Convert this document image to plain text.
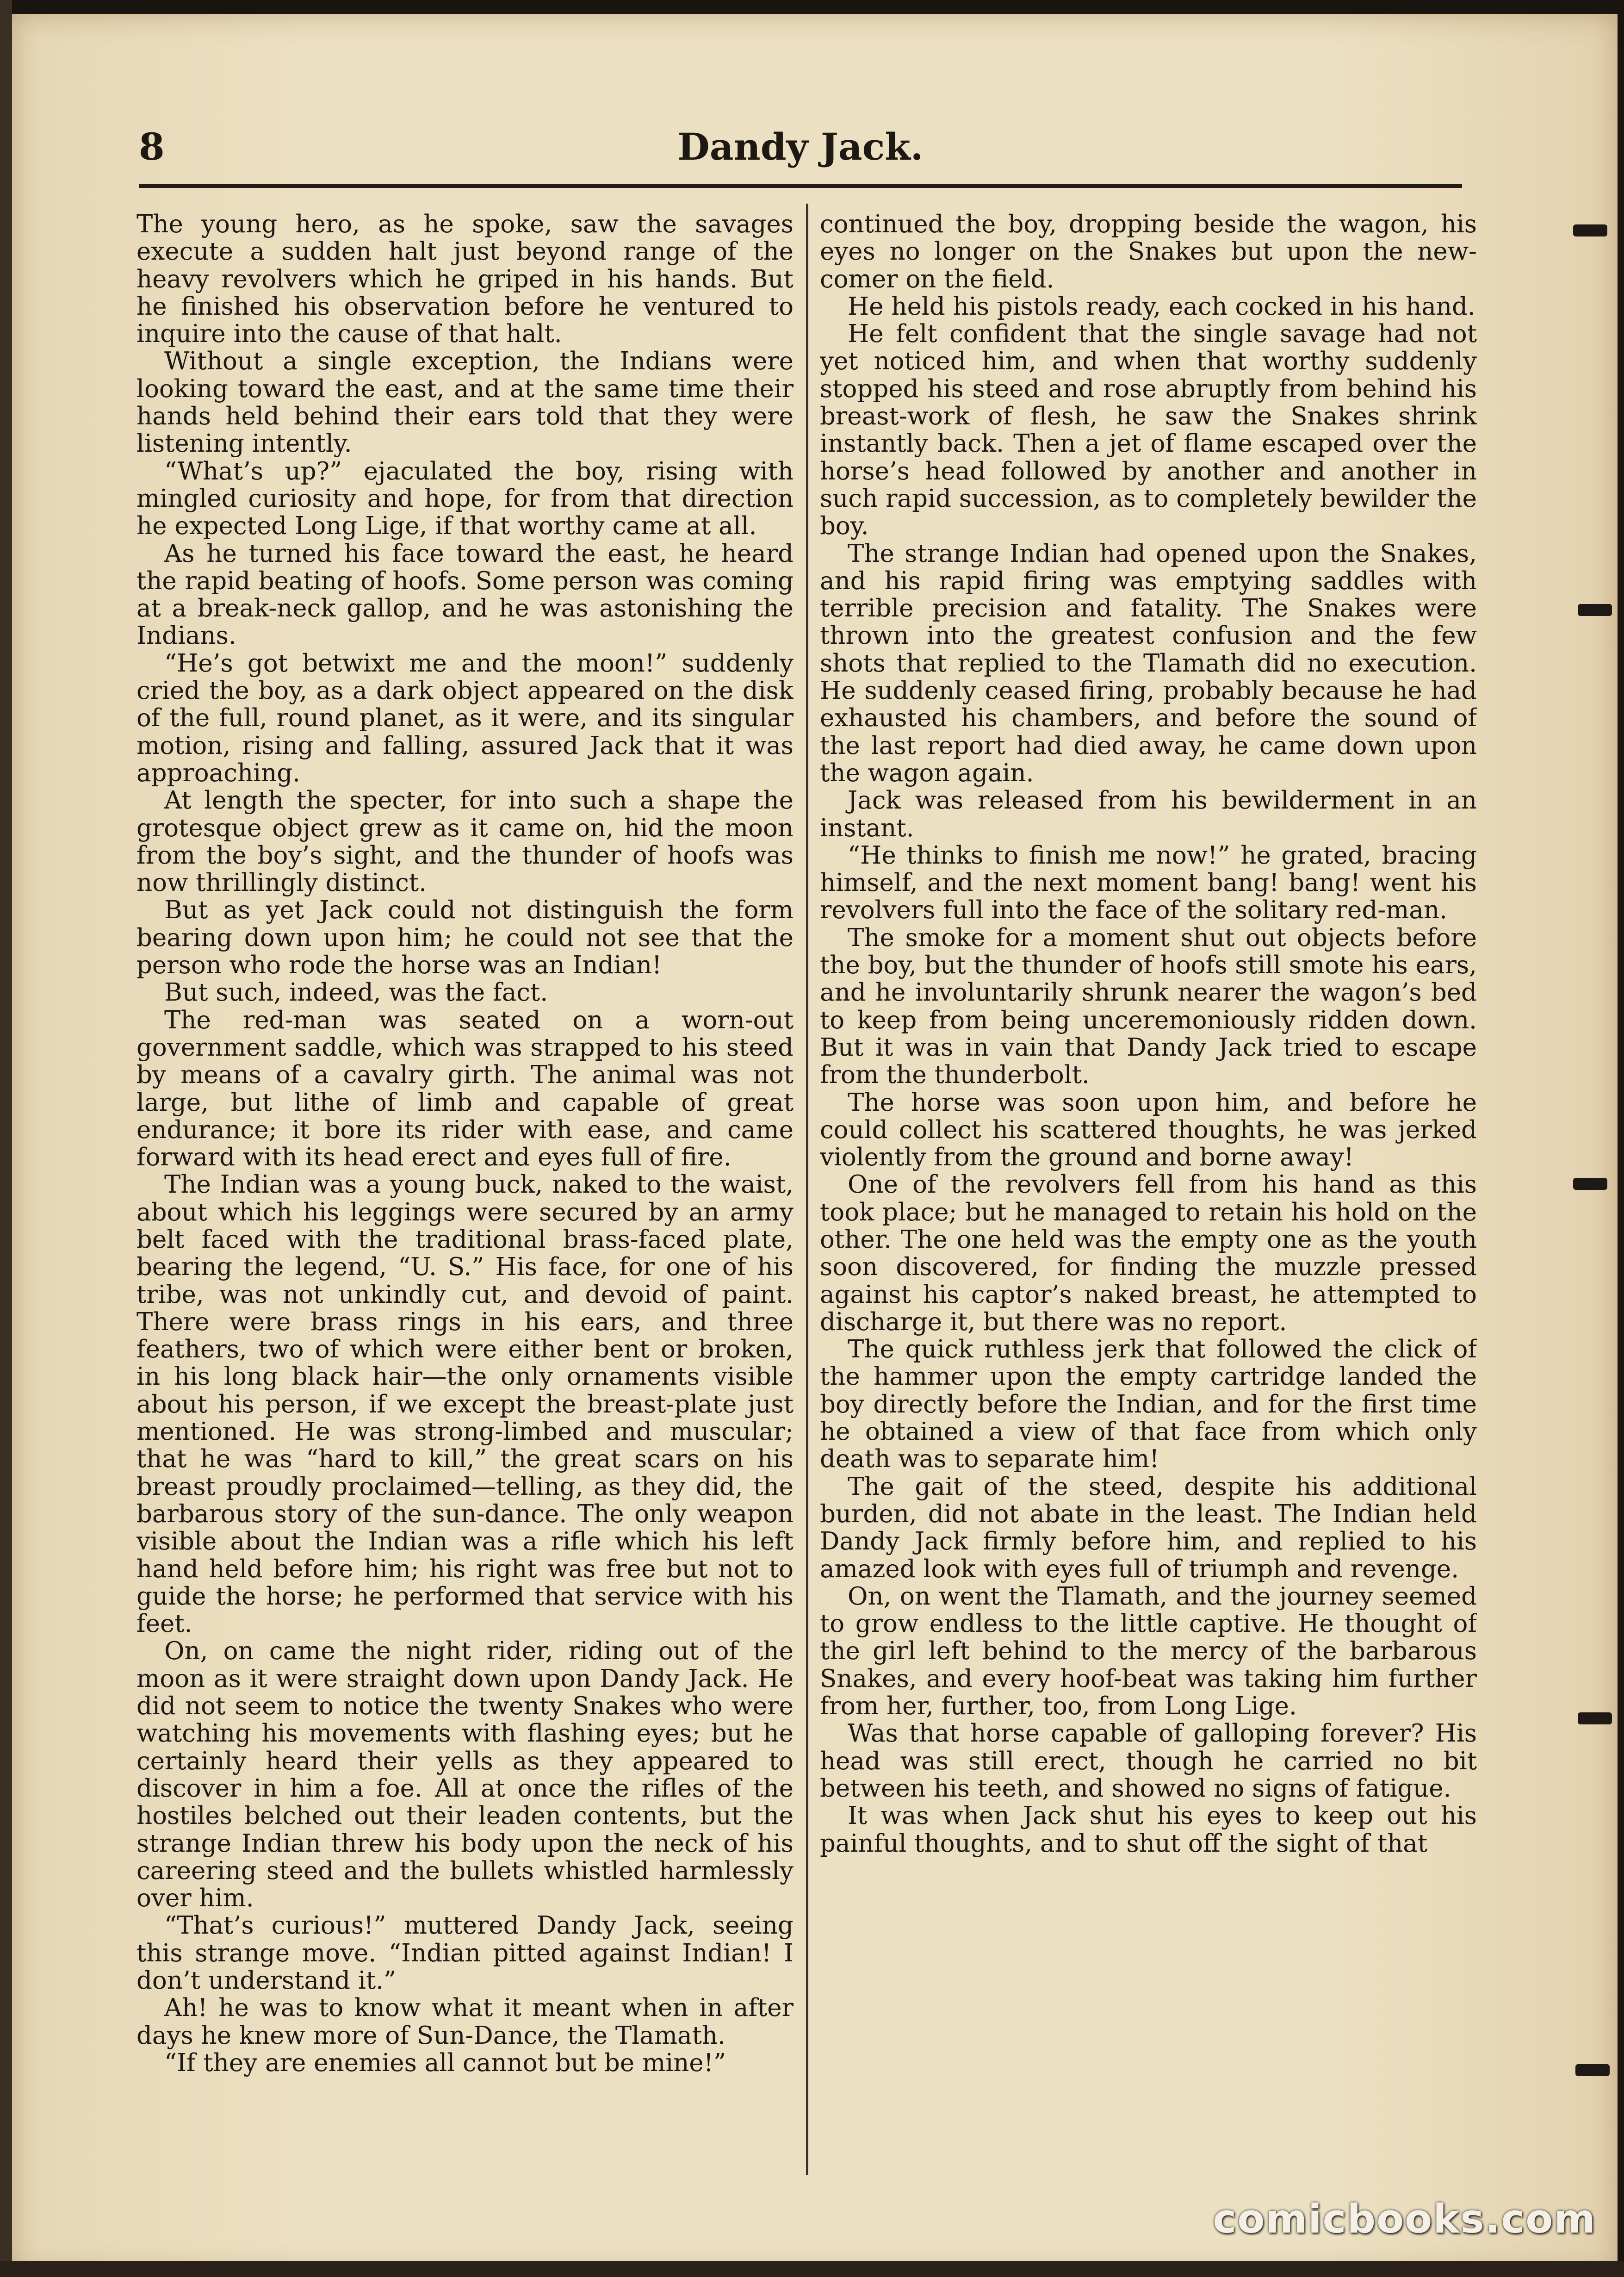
8	Dandy Jack.

The young hero, as he spoke, saw the savages execute a sudden halt just beyond range of the heavy revolvers which he griped in his hands. But he finished his observation before he ventured to inquire into the cause of that halt.

Without a single exception, the Indians were looking toward the east, and at the same time their hands held behind their ears told that they were listening intently.

“What’s up?” ejaculated the boy, rising with mingled curiosity and hope, for from that direction he expected Long Lige, if that worthy came at all.

As he turned his face toward the east, he heard the rapid beating of hoofs. Some person was coming at a break-neck gallop, and he was astonishing the Indians.

“He’s got betwixt me and the moon!” suddenly cried the boy, as a dark object appeared on the disk of the full, round planet, as it were, and its singular motion, rising and falling, assured Jack that it was approaching.

At length the specter, for into such a shape the grotesque object grew as it came on, hid the moon from the boy’s sight, and the thunder of hoofs was now thrillingly distinct.

But as yet Jack could not distinguish the form bearing down upon him; he could not see that the person who rode the horse was an Indian!

But such, indeed, was the fact.

The red-man was seated on a worn-out government saddle, which was strapped to his steed by means of a cavalry girth. The animal was not large, but lithe of limb and capable of great endurance; it bore its rider with ease, and came forward with its head erect and eyes full of fire.

The Indian was a young buck, naked to the waist, about which his leggings were secured by an army belt faced with the traditional brass-faced plate, bearing the legend, “U. S.” His face, for one of his tribe, was not unkindly cut, and devoid of paint. There were brass rings in his ears, and three feathers, two of which were either bent or broken, in his long black hair—the only ornaments visible about his person, if we except the breast-plate just mentioned. He was strong-limbed and muscular; that he was “hard to kill,” the great scars on his breast proudly proclaimed—telling, as they did, the barbarous story of the sun-dance. The only weapon visible about the Indian was a rifle which his left hand held before him; his right was free but not to guide the horse; he performed that service with his feet.

On, on came the night rider, riding out of the moon as it were straight down upon Dandy Jack. He did not seem to notice the twenty Snakes who were watching his movements with flashing eyes; but he certainly heard their yells as they appeared to discover in him a foe. All at once the rifles of the hostiles belched out their leaden contents, but the strange Indian threw his body upon the neck of his careering steed and the bullets whistled harmlessly over him.

“That’s curious!” muttered Dandy Jack, seeing this strange move. “Indian pitted against Indian! I don’t understand it.”

Ah! he was to know what it meant when in after days he knew more of Sun-Dance, the Tlamath.

“If they are enemies all cannot but be mine!”

continued the boy, dropping beside the wagon, his eyes no longer on the Snakes but upon the new-comer on the field.

He held his pistols ready, each cocked in his hand.

He felt confident that the single savage had not yet noticed him, and when that worthy suddenly stopped his steed and rose abruptly from behind his breast-work of flesh, he saw the Snakes shrink instantly back. Then a jet of flame escaped over the horse’s head followed by another and another in such rapid succession, as to completely bewilder the boy.

The strange Indian had opened upon the Snakes, and his rapid firing was emptying saddles with terrible precision and fatality. The Snakes were thrown into the greatest confusion and the few shots that replied to the Tlamath did no execution. He suddenly ceased firing, probably because he had exhausted his chambers, and before the sound of the last report had died away, he came down upon the wagon again.

Jack was released from his bewilderment in an instant.

“He thinks to finish me now!” he grated, bracing himself, and the next moment bang! bang! went his revolvers full into the face of the solitary red-man.

The smoke for a moment shut out objects before the boy, but the thunder of hoofs still smote his ears, and he involuntarily shrunk nearer the wagon’s bed to keep from being unceremoniously ridden down. But it was in vain that Dandy Jack tried to escape from the thunderbolt.

The horse was soon upon him, and before he could collect his scattered thoughts, he was jerked violently from the ground and borne away!

One of the revolvers fell from his hand as this took place; but he managed to retain his hold on the other. The one held was the empty one as the youth soon discovered, for finding the muzzle pressed against his captor’s naked breast, he attempted to discharge it, but there was no report.

The quick ruthless jerk that followed the click of the hammer upon the empty cartridge landed the boy directly before the Indian, and for the first time he obtained a view of that face from which only death was to separate him!

The gait of the steed, despite his additional burden, did not abate in the least. The Indian held Dandy Jack firmly before him, and replied to his amazed look with eyes full of triumph and revenge.

On, on went the Tlamath, and the journey seemed to grow endless to the little captive. He thought of the girl left behind to the mercy of the barbarous Snakes, and every hoof-beat was taking him further from her, further, too, from Long Lige.

Was that horse capable of galloping forever? His head was still erect, though he carried no bit between his teeth, and showed no signs of fatigue.

It was when Jack shut his eyes to keep out his painful thoughts, and to shut off the sight of that

comicbooks.com
